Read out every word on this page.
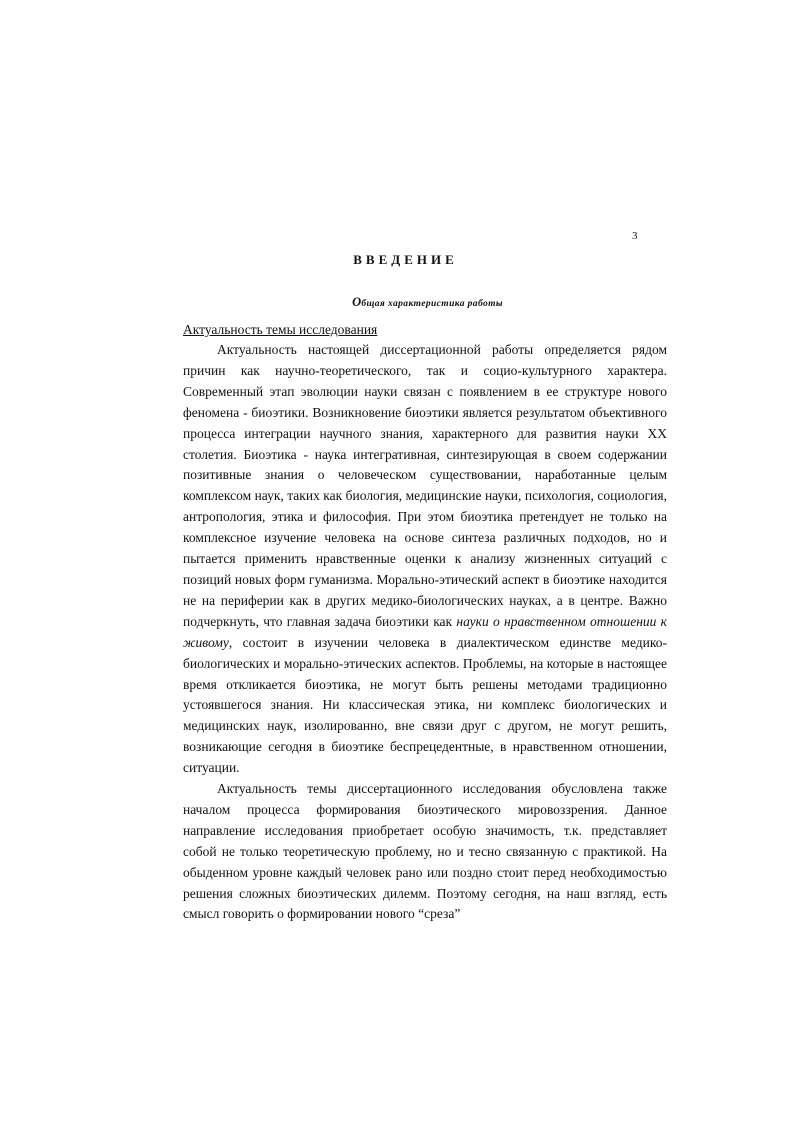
3
ВВЕДЕНИЕ
Общая характеристика работы
Актуальность темы исследования

Актуальность настоящей диссертационной работы определяется рядом причин как научно-теоретического, так и социо-культурного характера. Современный этап эволюции науки связан с появлением в ее структуре нового феномена - биоэтики. Возникновение биоэтики является результатом объективного процесса интеграции научного знания, характерного для развития науки XX столетия. Биоэтика - наука интегративная, синтезирующая в своем содержании позитивные знания о человеческом существовании, наработанные целым комплексом наук, таких как биология, медицинские науки, психология, социология, антропология, этика и философия. При этом биоэтика претендует не только на комплексное изучение человека на основе синтеза различных подходов, но и пытается применить нравственные оценки к анализу жизненных ситуаций с позиций новых форм гуманизма. Морально-этический аспект в биоэтике находится не на периферии как в других медико-биологических науках, а в центре. Важно подчеркнуть, что главная задача биоэтики как науки о нравственном отношении к живому, состоит в изучении человека в диалектическом единстве медико-биологических и морально-этических аспектов. Проблемы, на которые в настоящее время откликается биоэтика, не могут быть решены методами традиционно устоявшегося знания. Ни классическая этика, ни комплекс биологических и медицинских наук, изолированно, вне связи друг с другом, не могут решить, возникающие сегодня в биоэтике беспрецедентные, в нравственном отношении, ситуации.

Актуальность темы диссертационного исследования обусловлена также началом процесса формирования биоэтического мировоззрения. Данное направление исследования приобретает особую значимость, т.к. представляет собой не только теоретическую проблему, но и тесно связанную с практикой. На обыденном уровне каждый человек рано или поздно стоит перед необходимостью решения сложных биоэтических дилемм. Поэтому сегодня, на наш взгляд, есть смысл говорить о формировании нового “среза”
